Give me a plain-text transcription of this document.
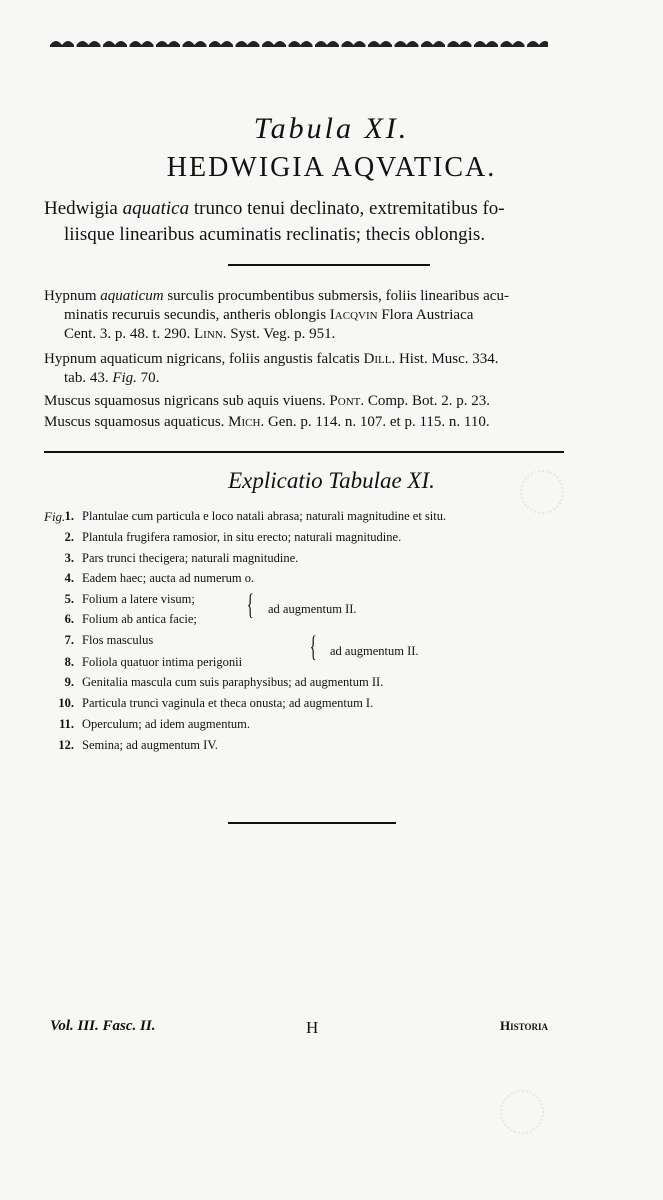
Tabula XI.
HEDWIGIA AQVATICA.
Hedwigia aquatica trunco tenui declinato, extremitatibus fo-
liisque linearibus acuminatis reclinatis; thecis oblongis.
Hypnum aquaticum surculis procumbentibus submersis, foliis linearibus acu-
minatis recuruis secundis, antheris oblongis Iacqvin Flora Austriaca
Cent. 3. p. 48. t. 290. Linn. Syst. Veg. p. 951.
Hypnum aquaticum nigricans, foliis angustis falcatis Dill. Hist. Musc. 334.
tab. 43. Fig. 70.
Muscus squamosus nigricans sub aquis viuens. Pont. Comp. Bot. 2. p. 23.
Muscus squamosus aquaticus. Mich. Gen. p. 114. n. 107. et p. 115. n. 110.
Explicatio Tabulae XI.
Fig. 1. Plantulae cum particula e loco natali abrasa; naturali magnitudine et situ.
2. Plantula frugifera ramosior, in situ erecto; naturali magnitudine.
3. Pars trunci thecigera; naturali magnitudine.
4. Eadem haec; aucta ad numerum o.
5. Folium a latere visum;
6. Folium ab antica facie; { ad augmentum II.
7. Flos masculus
8. Foliola quatuor intima perigonii { ad augmentum II.
9. Genitalia mascula cum suis paraphysibus; ad augmentum II.
10. Particula trunci vaginula et theca onusta; ad augmentum I.
11. Operculum; ad idem augmentum.
12. Semina; ad augmentum IV.
Vol. III. Fasc. II.	H	Historia
